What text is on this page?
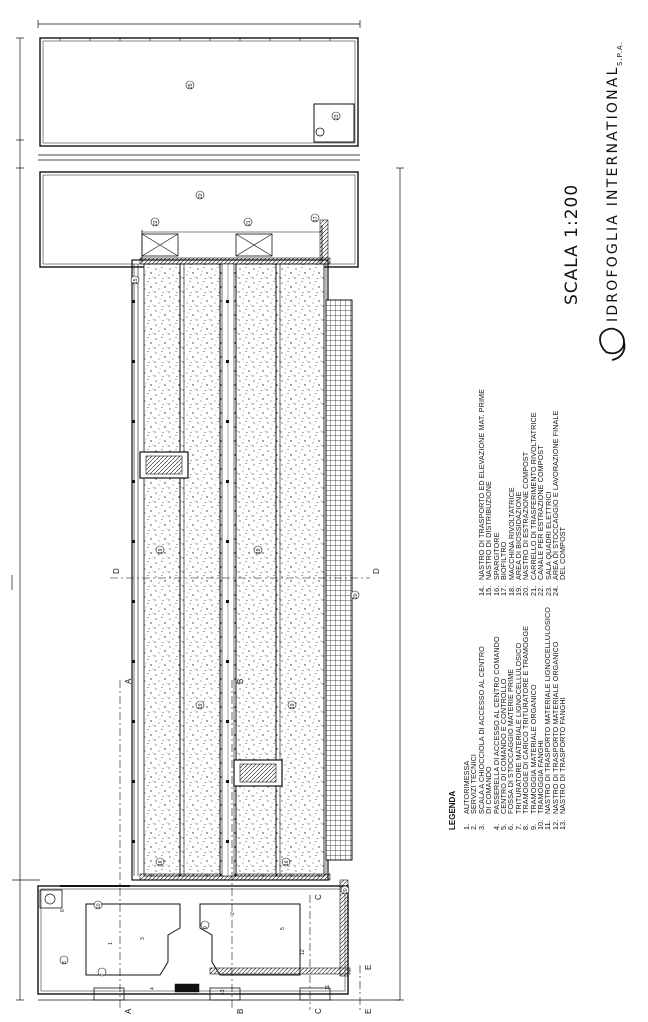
SCALA 1:200 IDROFOGLIA INTERNATIONAL
S.P.A.
LEGENDA 1.AUTORIMESSA
2.SERVIZI TECNICI
3.SCALA A CHIOCCIOLA DI ACCESSO AL CENTRO
DI COMANDO
4.PASSERELLA DI ACCESSO AL CENTRO COMANDO
5.CENTRO DI COMANDO E CONTROLLO
6.FOSSA DI STOCCAGGIO MATERIE PRIME
7.TRITURATORE MATERIALE LIGNOCELLULOSICO
8.TRAMOGGE DI CARICO TRITURATORE E TRAMOGGE
9.TRAMOGGIA MATERIALE ORGANICO
10.TRAMOGGIA FANGHI
11.NASTRO DI TRASPORTO MATERIALE LIGNOCELLULOSICO
12.NASTRO DI TRASPORTO MATERIALE ORGANICO
13.NASTRO DI TRASPORTO FANGHI
14.NASTRO DI TRASPORTO ED ELEVAZIONE MAT. PRIME
15.NASTRO DI DISTRIBUZIONE
16.SPARGITORE
17.BIOFILTRO
18.MACCHINA RIVOLTATRICE
19.AREA DI BIOSSIDAZIONE
20.NASTRO DI ESTRAZIONE COMPOST
21.CARRELLO DI TRASFERIMENTO RIVOLTATRICE
22.CANALE PER ESTRAZIONE COMPOST
23.SALA QUADRI ELETTRICI
24.AREA DI STOCCAGGIO E LAVORAZIONE FINALE
DEL COMPOST
A
A
B
B
C
C
D	D
E
E
19	19
19	19
15
16	16
20
20
25
23
22
22	21
17
9
10
8
7
6
3
2
1
5
4
13
12
11
